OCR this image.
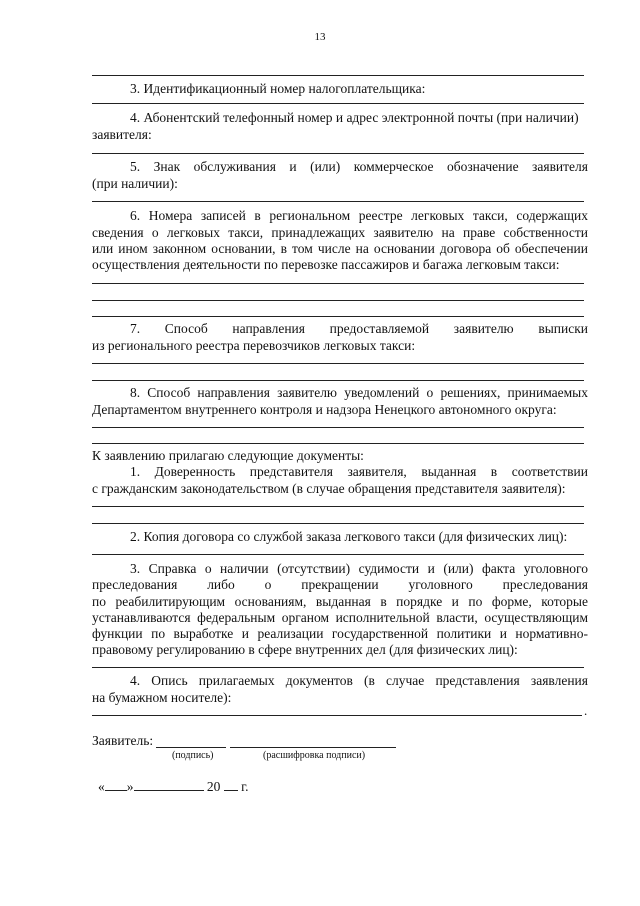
13
3. Идентификационный номер налогоплательщика:
4. Абонентский телефонный номер и адрес электронной почты (при наличии)
заявителя:
5. Знак обслуживания и (или) коммерческое обозначение заявителя
(при наличии):
6. Номера записей в региональном реестре легковых такси, содержащих
сведения о легковых такси, принадлежащих заявителю на праве собственности
или ином законном основании, в том числе на основании договора об обеспечении
осуществления деятельности по перевозке пассажиров и багажа легковым такси:
7. Способ направления предоставляемой заявителю выписки
из регионального реестра перевозчиков легковых такси:
8. Способ направления заявителю уведомлений о решениях, принимаемых
Департаментом внутреннего контроля и надзора Ненецкого автономного округа:
К заявлению прилагаю следующие документы:
1. Доверенность представителя заявителя, выданная в соответствии
с гражданским законодательством (в случае обращения представителя заявителя):
2. Копия договора со службой заказа легкового такси (для физических лиц):
3. Справка о наличии (отсутствии) судимости и (или) факта уголовного
преследования либо о прекращении уголовного преследования
по реабилитирующим основаниям, выданная в порядке и по форме, которые
устанавливаются федеральным органом исполнительной власти, осуществляющим
функции по выработке и реализации государственной политики и нормативно-
правовому регулированию в сфере внутренних дел (для физических лиц):
4. Опись прилагаемых документов (в случае представления заявления
на бумажном носителе):
.
Заявитель:
(подпись)	(расшифровка подписи)
« »	20 г.
